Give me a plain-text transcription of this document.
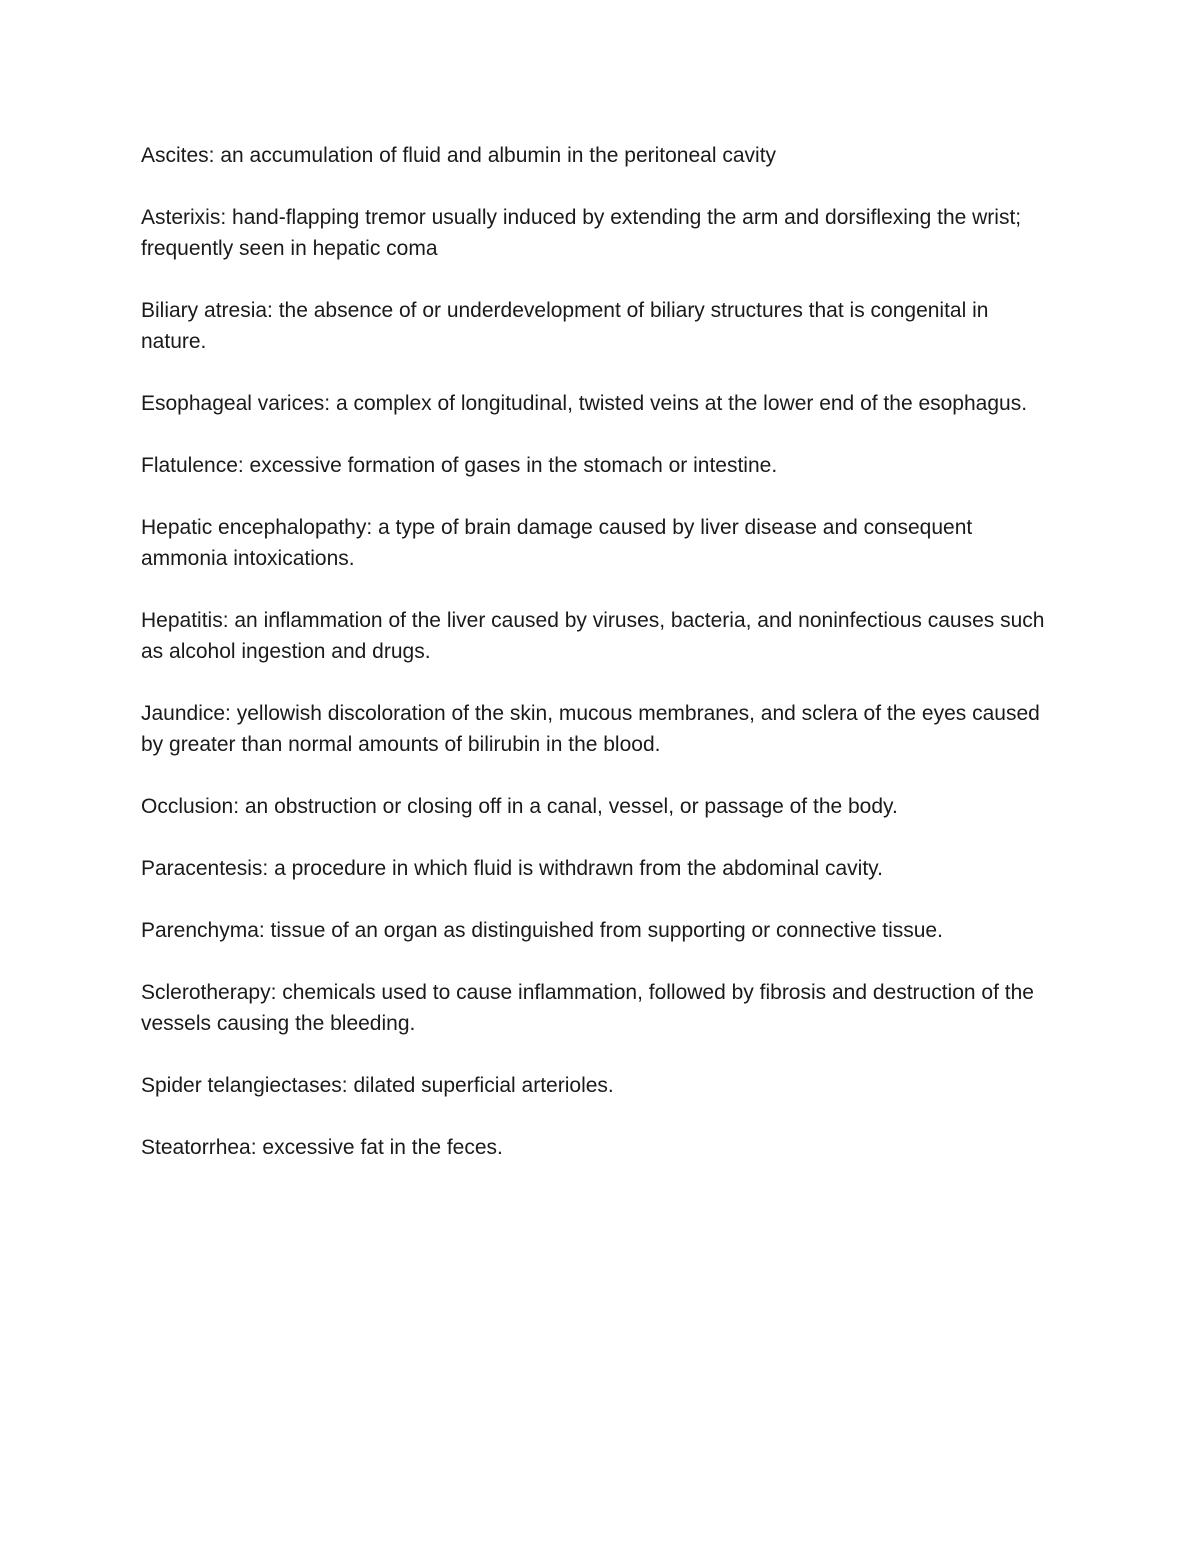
Ascites: an accumulation of fluid and albumin in the peritoneal cavity

Asterixis: hand-flapping tremor usually induced by extending the arm and dorsiflexing the wrist; frequently seen in hepatic coma

Biliary atresia: the absence of or underdevelopment of biliary structures that is congenital in nature.

Esophageal varices: a complex of longitudinal, twisted veins at the lower end of the esophagus.

Flatulence: excessive formation of gases in the stomach or intestine.

Hepatic encephalopathy: a type of brain damage caused by liver disease and consequent ammonia intoxications.

Hepatitis: an inflammation of the liver caused by viruses, bacteria, and noninfectious causes such as alcohol ingestion and drugs.

Jaundice: yellowish discoloration of the skin, mucous membranes, and sclera of the eyes caused by greater than normal amounts of bilirubin in the blood.

Occlusion: an obstruction or closing off in a canal, vessel, or passage of the body.

Paracentesis: a procedure in which fluid is withdrawn from the abdominal cavity.

Parenchyma: tissue of an organ as distinguished from supporting or connective tissue.

Sclerotherapy: chemicals used to cause inflammation, followed by fibrosis and destruction of the vessels causing the bleeding.

Spider telangiectases: dilated superficial arterioles.

Steatorrhea: excessive fat in the feces.
